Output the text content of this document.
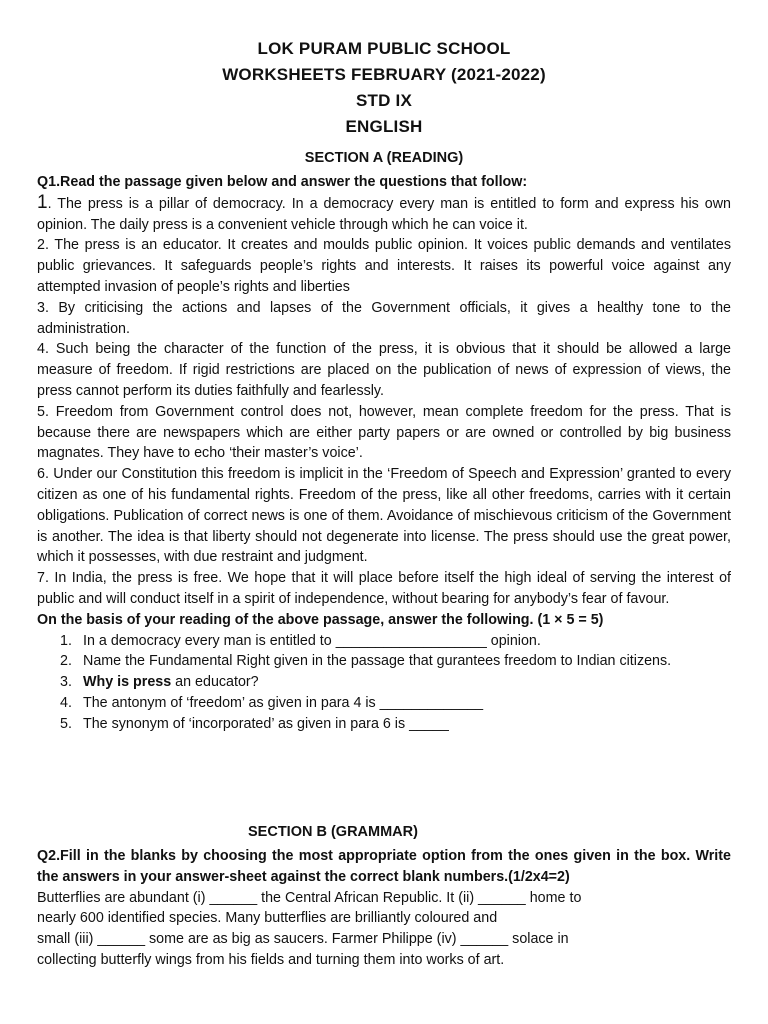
LOK PURAM PUBLIC SCHOOL
WORKSHEETS FEBRUARY (2021-2022)
STD IX
ENGLISH
SECTION A (READING)

Q1.Read the passage given below and answer the questions that follow:

1. The press is a pillar of democracy. In a democracy every man is entitled to form and express his own opinion. The daily press is a convenient vehicle through which he can voice it.

2. The press is an educator. It creates and moulds public opinion. It voices public demands and ventilates public grievances. It safeguards people’s rights and interests. It raises its powerful voice against any attempted invasion of people’s rights and liberties

3. By criticising the actions and lapses of the Government officials, it gives a healthy tone to the administration.

4. Such being the character of the function of the press, it is obvious that it should be allowed a large measure of freedom. If rigid restrictions are placed on the publication of news of expression of views, the press cannot perform its duties faithfully and fearlessly.

5. Freedom from Government control does not, however, mean complete freedom for the press. That is because there are newspapers which are either party papers or are owned or controlled by big business magnates. They have to echo ‘their master’s voice’.

6. Under our Constitution this freedom is implicit in the ‘Freedom of Speech and Expression’ granted to every citizen as one of his fundamental rights. Freedom of the press, like all other freedoms, carries with it certain obligations. Publication of correct news is one of them. Avoidance of mischievous criticism of the Government is another. The idea is that liberty should not degenerate into license. The press should use the great power, which it possesses, with due restraint and judgment.

7. In India, the press is free. We hope that it will place before itself the high ideal of serving the interest of public and will conduct itself in a spirit of independence, without bearing for anybody’s fear of favour.

On the basis of your reading of the above passage, answer the following. (1 × 5 = 5)

1. In a democracy every man is entitled to ___________________ opinion.
2. Name the Fundamental Right given in the passage that gurantees freedom to Indian citizens.
3. Why is press an educator?
4. The antonym of ‘freedom’ as given in para 4 is _____________
5. The synonym of ‘incorporated’ as given in para 6 is _____
SECTION B (GRAMMAR)

Q2.Fill in the blanks by choosing the most appropriate option from the ones given in the box. Write the answers in your answer-sheet against the correct blank numbers.(1/2x4=2)

Butterflies are abundant (i) ______ the Central African Republic. It (ii) ______ home to

nearly 600 identified species. Many butterflies are brilliantly coloured and

small (iii) ______ some are as big as saucers. Farmer Philippe (iv) ______ solace in

collecting butterfly wings from his fields and turning them into works of art.
